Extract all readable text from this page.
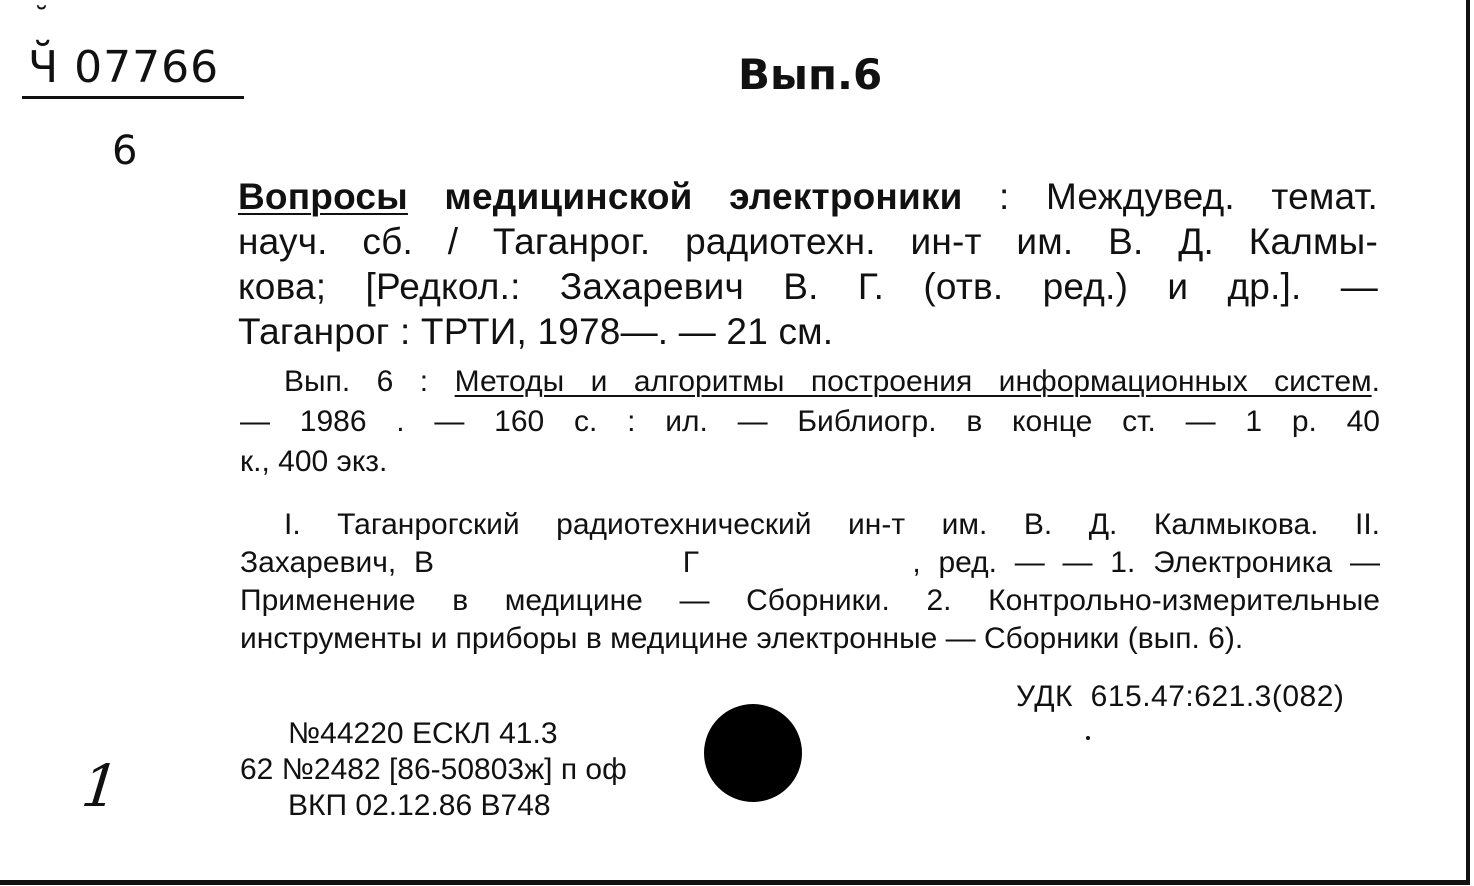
˘
Ч̆ 07766
6
Вып.6
1
Вопросы медицинской электроники : Междувед. темат.
науч. сб. / Таганрог. радиотехн. ин-т им. В. Д. Калмы-
кова; [Редкол.: Захаревич В. Г. (отв. ред.) и др.]. —
Таганрог : ТРТИ, 1978—. — 21 см.
Вып. 6 : Методы и алгоритмы построения информационных систем.
— 1986 . — 160 с. : ил. — Библиогр. в конце ст. — 1 р. 40
к., 400 экз.
I. Таганрогский радиотехнический ин-т им. В. Д. Калмыкова. II.
Захаревич, В              Г            , ред. — — 1. Электроника —
Применение в медицине — Сборники. 2. Контрольно-измерительные
инструменты и приборы в медицине электронные — Сборники (вып. 6).
УДК  615.47:621.3(082)
№44220 ЕСКЛ 41.3
62 №2482 [86-50803ж] п оф
ВКП 02.12.86 В748
